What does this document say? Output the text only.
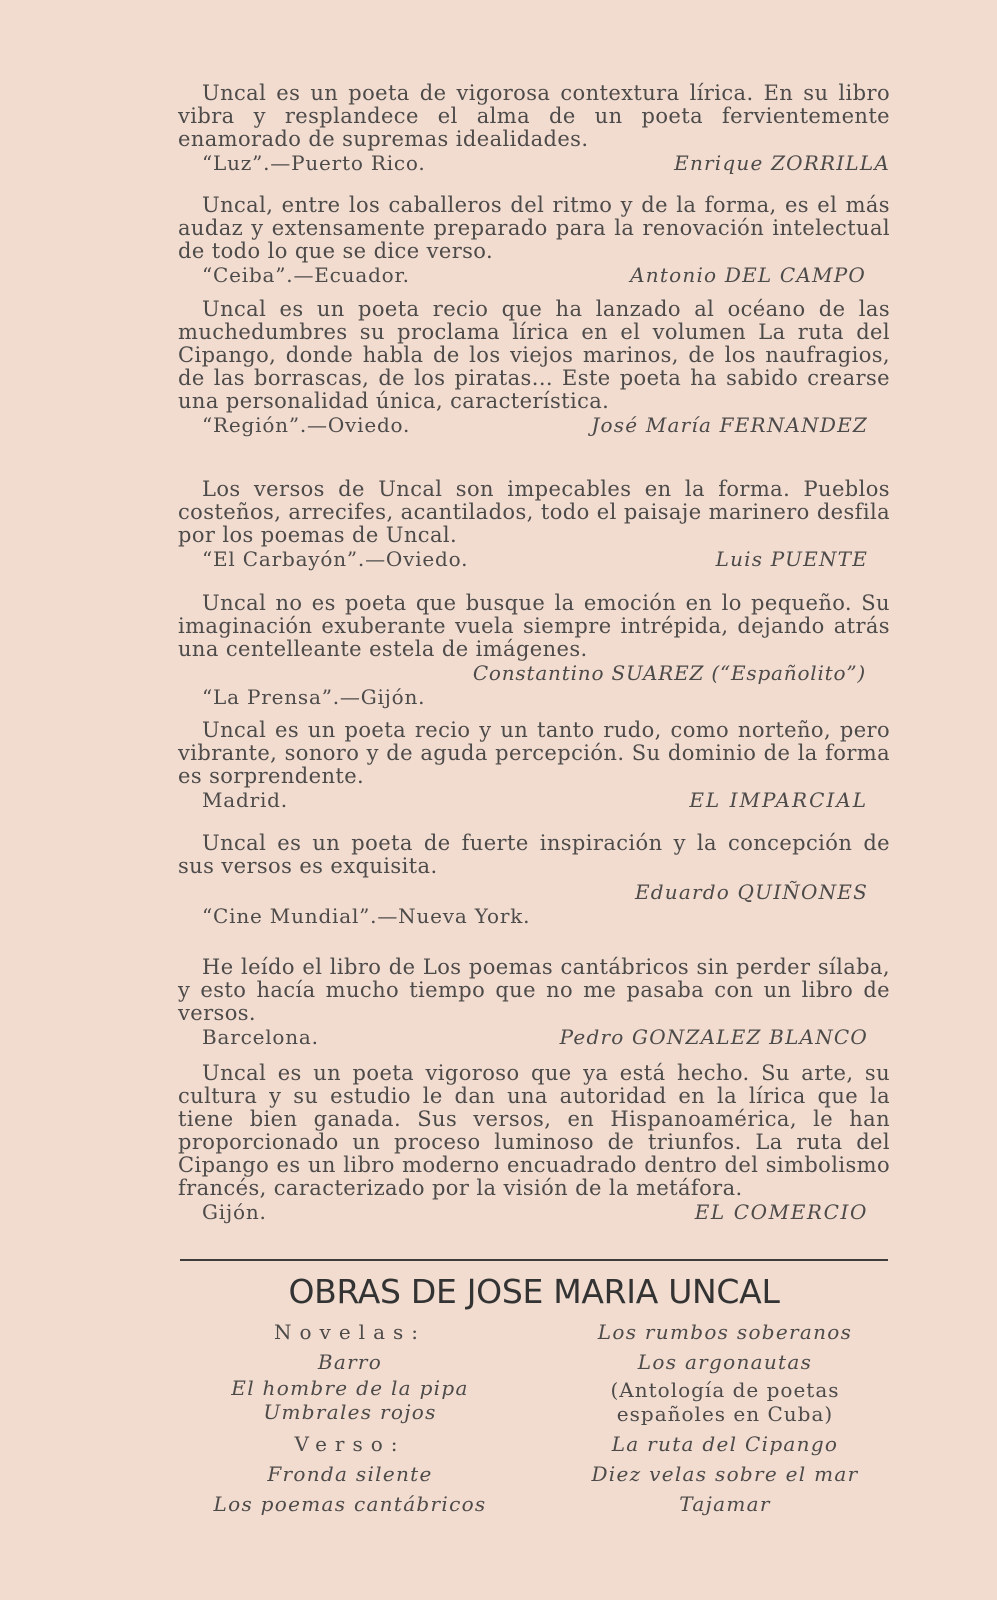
Uncal es un poeta de vigorosa contextura lírica. En su libro vibra y resplandece el alma de un poeta fervientemente enamorado de supremas idealidades.

“Luz”.—Puerto Rico.	Enrique ZORRILLA

Uncal, entre los caballeros del ritmo y de la forma, es el más audaz y extensamente preparado para la renovación intelectual de todo lo que se dice verso.

“Ceiba”.—Ecuador.	Antonio DEL CAMPO

Uncal es un poeta recio que ha lanzado al océano de las muchedumbres su proclama lírica en el volumen La ruta del Cipango, donde habla de los viejos marinos, de los naufragios, de las borrascas, de los piratas... Este poeta ha sabido crearse una personalidad única, característica.

“Región”.—Oviedo.	José María FERNANDEZ

Los versos de Uncal son impecables en la forma. Pueblos costeños, arrecifes, acantilados, todo el paisaje marinero desfila por los poemas de Uncal.

“El Carbayón”.—Oviedo.	Luis PUENTE

Uncal no es poeta que busque la emoción en lo pequeño. Su imaginación exuberante vuela siempre intrépida, dejando atrás una centelleante estela de imágenes.

Constantino SUAREZ (“Españolito”)
“La Prensa”.—Gijón.

Uncal es un poeta recio y un tanto rudo, como norteño, pero vibrante, sonoro y de aguda percepción. Su dominio de la forma es sorprendente.

Madrid.	EL IMPARCIAL

Uncal es un poeta de fuerte inspiración y la concepción de sus versos es exquisita.

Eduardo QUIÑONES
“Cine Mundial”.—Nueva York.

He leído el libro de Los poemas cantábricos sin perder sílaba, y esto hacía mucho tiempo que no me pasaba con un libro de versos.

Barcelona.	Pedro GONZALEZ BLANCO

Uncal es un poeta vigoroso que ya está hecho. Su arte, su cultura y su estudio le dan una autoridad en la lírica que la tiene bien ganada. Sus versos, en Hispanoamérica, le han proporcionado un proceso luminoso de triunfos. La ruta del Cipango es un libro moderno encuadrado dentro del simbolismo francés, caracterizado por la visión de la metáfora.

Gijón.	EL COMERCIO
OBRAS DE JOSE MARIA UNCAL
Novelas:
Barro
El hombre de la pipa
Umbrales rojos
Verso:
Fronda silente
Los poemas cantábricos
Los rumbos soberanos
Los argonautas
(Antología de poetas españoles en Cuba)
La ruta del Cipango
Diez velas sobre el mar
Tajamar
